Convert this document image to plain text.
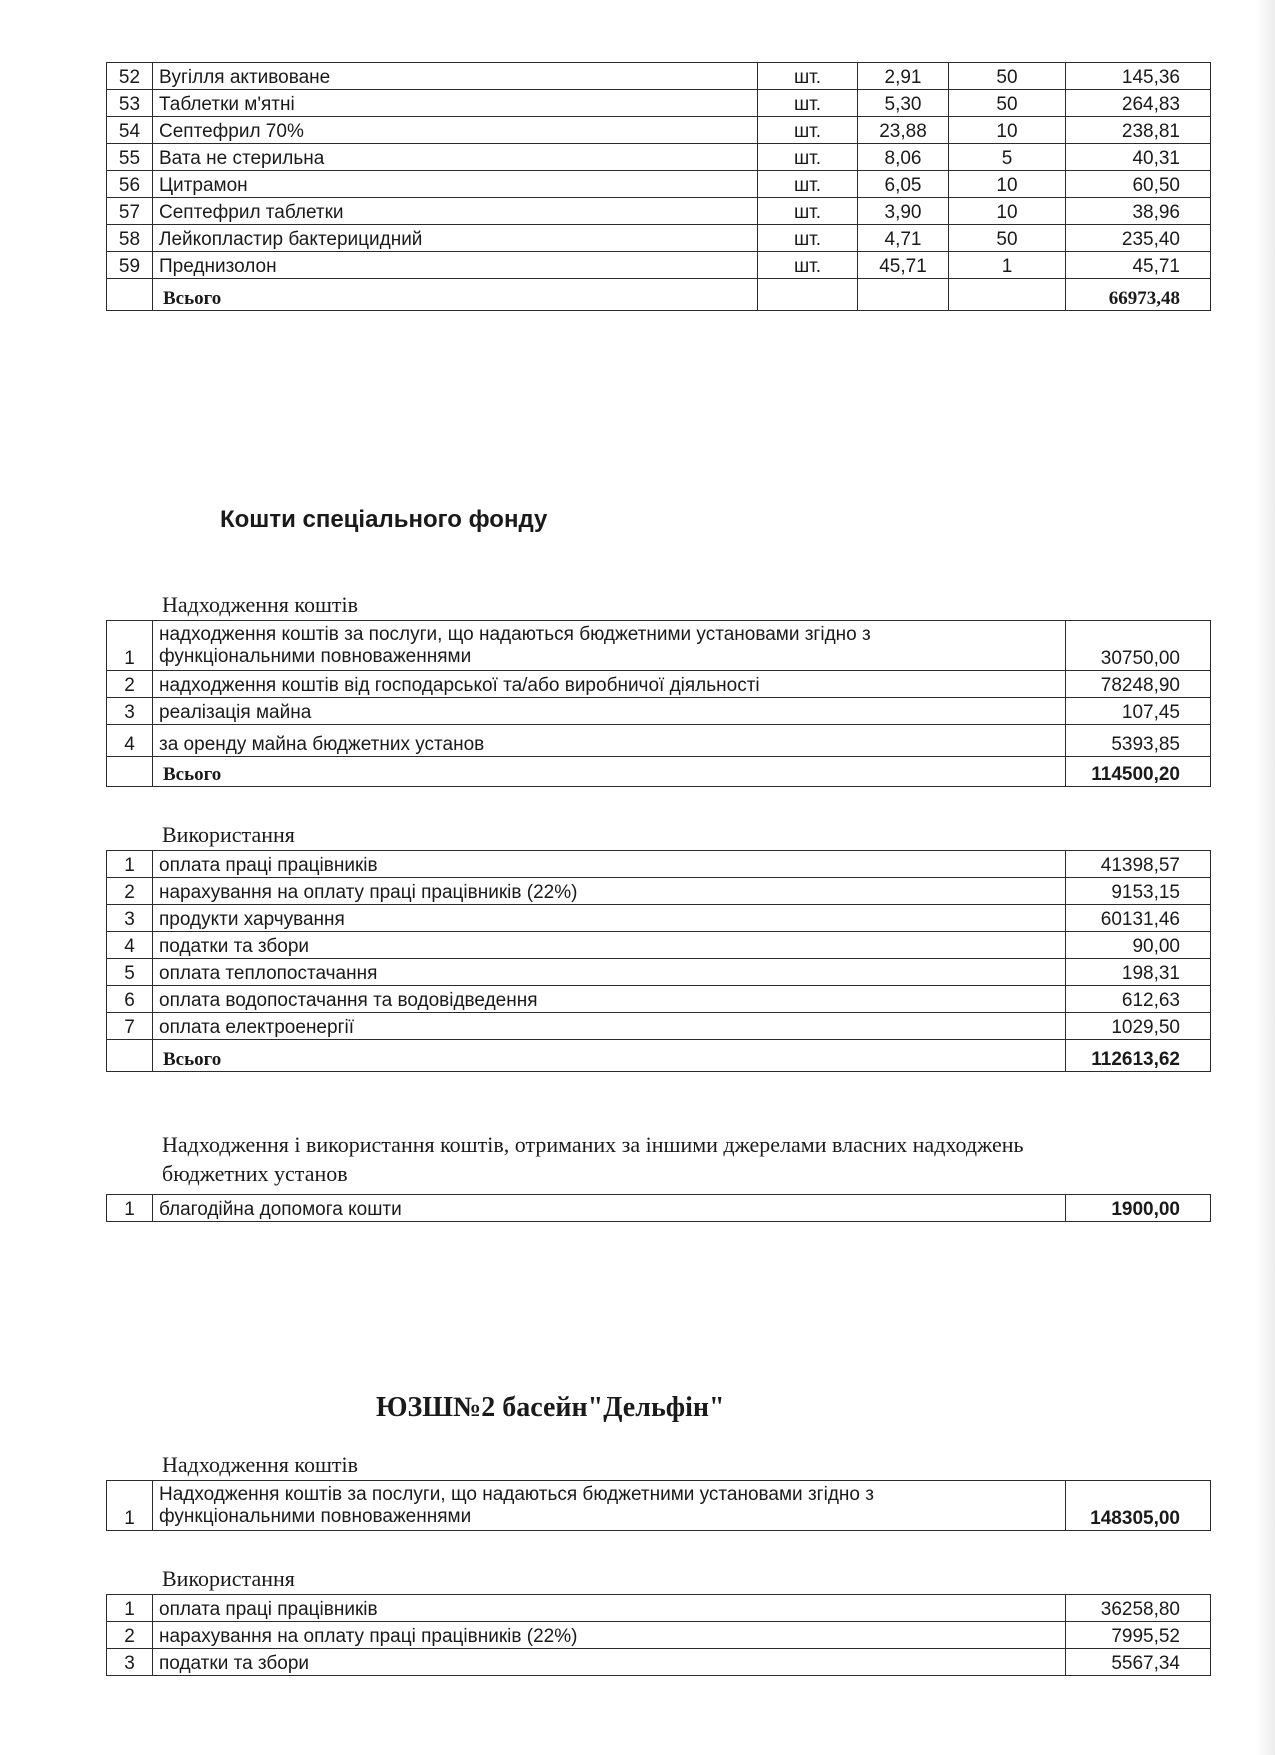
52	Вугілля активоване	шт.	2,91	50	145,36
53	Таблетки м'ятні	шт.	5,30	50	264,83
54	Септефрил 70%	шт.	23,88	10	238,81
55	Вата не стерильна	шт.	8,06	5	40,31
56	Цитрамон	шт.	6,05	10	60,50
57	Септефрил таблетки	шт.	3,90	10	38,96
58	Лейкопластир бактерицидний	шт.	4,71	50	235,40
59	Преднизолон	шт.	45,71	1	45,71
	Всього				66973,48
Кошти спеціального фонду
Надходження коштів
1	надходження коштів за послуги, що надаються бюджетними установами згідно з функціональними повноваженнями	30750,00
2	надходження коштів від господарської та/або виробничої діяльності	78248,90
3	реалізація майна	107,45
4	за оренду майна бюджетних установ	5393,85
	Всього	114500,20
Використання
1	оплата праці працівників	41398,57
2	нарахування на оплату праці працівників (22%)	9153,15
3	продукти харчування	60131,46
4	податки та збори	90,00
5	оплата теплопостачання	198,31
6	оплата водопостачання та водовідведення	612,63
7	оплата електроенергії	1029,50
	Всього	112613,62
Надходження і використання коштів, отриманих за іншими джерелами власних надходжень бюджетних установ
1	благодійна допомога кошти	1900,00
ЮЗШ№2 басейн"Дельфін"
Надходження коштів
1	Надходження коштів за послуги, що надаються бюджетними установами згідно з функціональними повноваженнями	148305,00
Використання
1	оплата праці працівників	36258,80
2	нарахування на оплату праці працівників (22%)	7995,52
3	податки та збори	5567,34
